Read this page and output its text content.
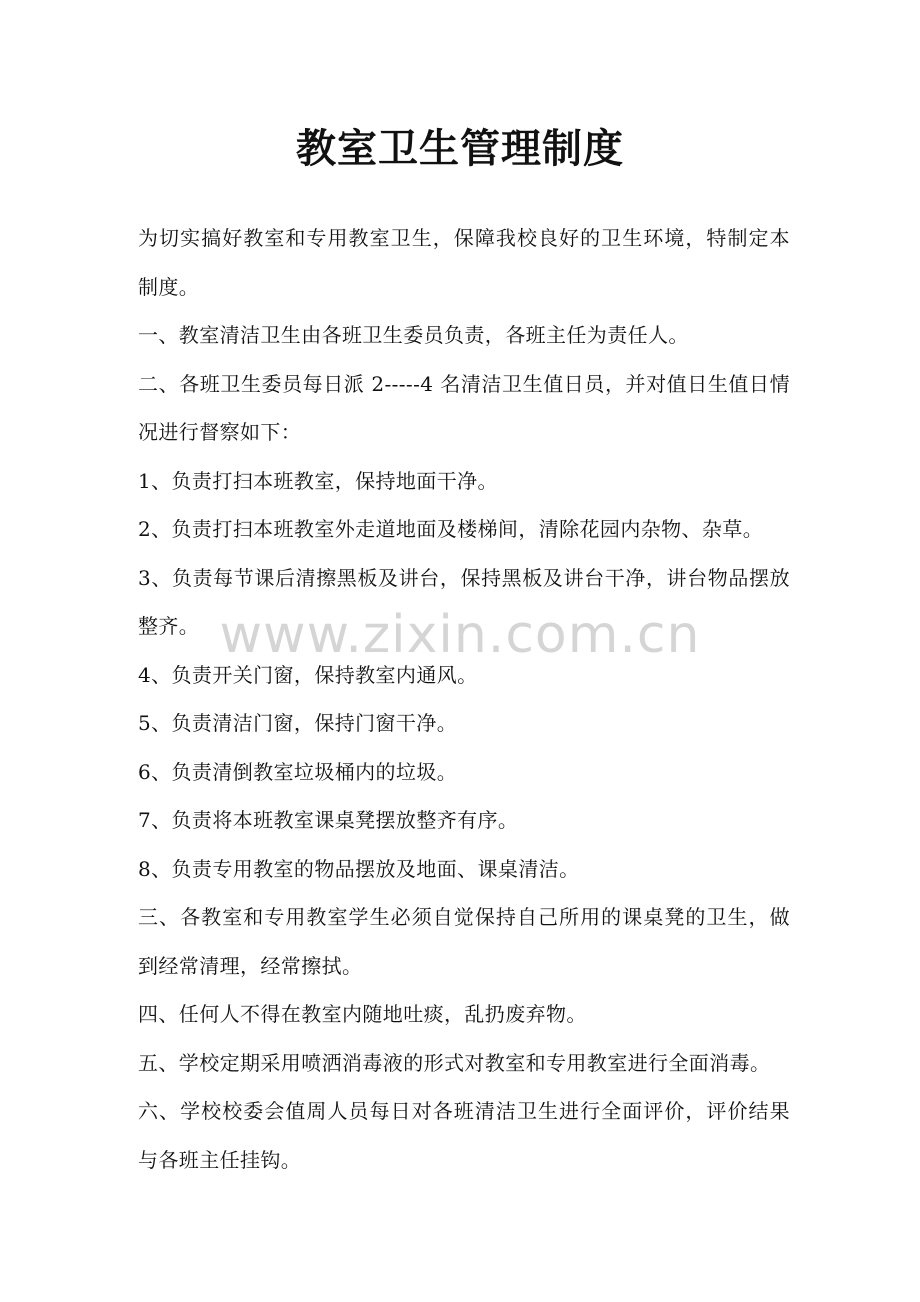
教室卫生管理制度

为切实搞好教室和专用教室卫生，保障我校良好的卫生环境，特制定本制度。

一、教室清洁卫生由各班卫生委员负责，各班主任为责任人。

二、各班卫生委员每日派 2-----4 名清洁卫生值日员，并对值日生值日情况进行督察如下：

1、负责打扫本班教室，保持地面干净。

2、负责打扫本班教室外走道地面及楼梯间，清除花园内杂物、杂草。

3、负责每节课后清擦黑板及讲台，保持黑板及讲台干净，讲台物品摆放整齐。

4、负责开关门窗，保持教室内通风。

5、负责清洁门窗，保持门窗干净。

6、负责清倒教室垃圾桶内的垃圾。

7、负责将本班教室课桌凳摆放整齐有序。

8、负责专用教室的物品摆放及地面、课桌清洁。

三、各教室和专用教室学生必须自觉保持自己所用的课桌凳的卫生，做到经常清理，经常擦拭。

四、任何人不得在教室内随地吐痰，乱扔废弃物。

五、学校定期采用喷洒消毒液的形式对教室和专用教室进行全面消毒。

六、学校校委会值周人员每日对各班清洁卫生进行全面评价，评价结果与各班主任挂钩。

www.zixin.com.cn
